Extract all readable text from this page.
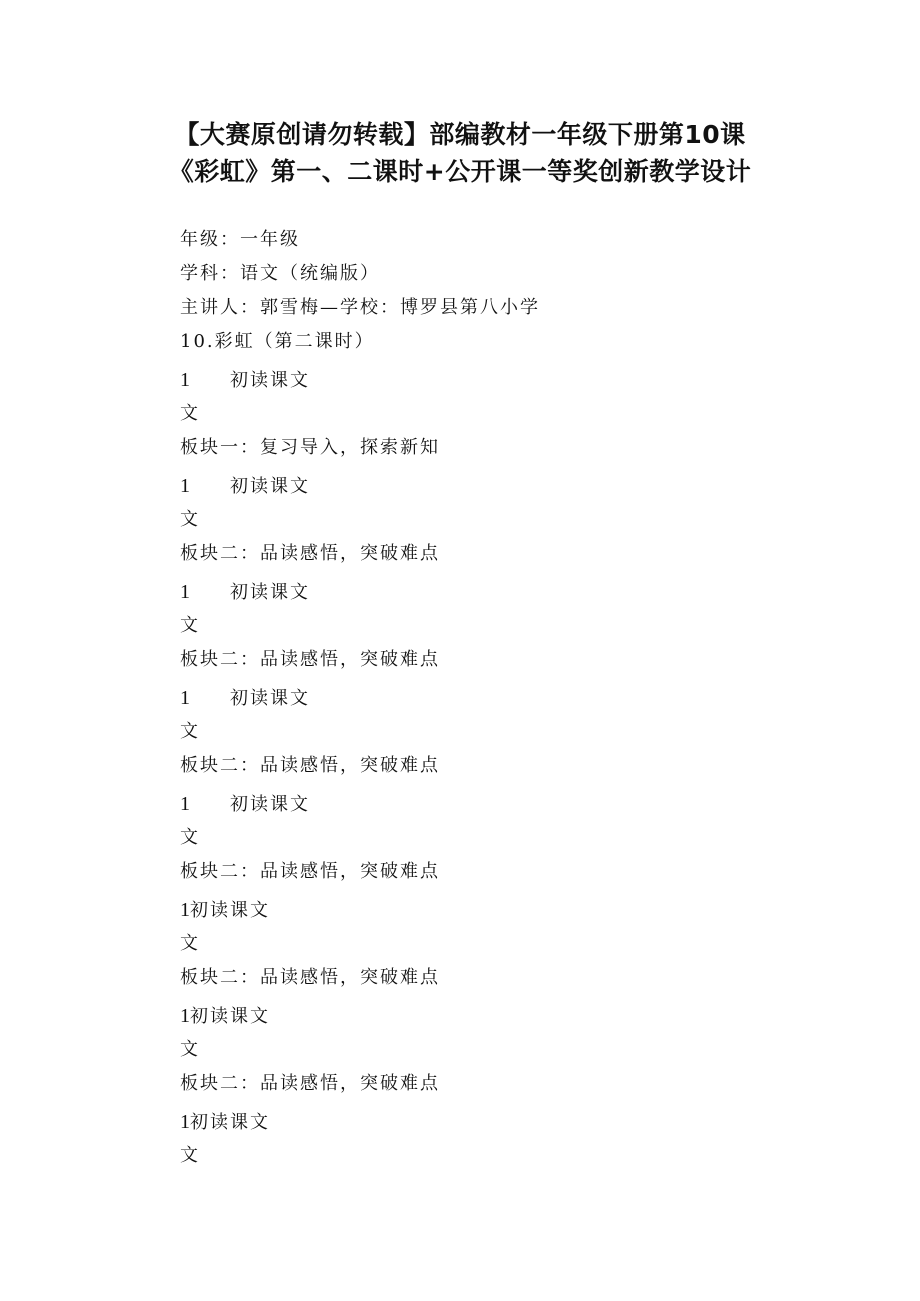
【大赛原创请勿转载】部编教材一年级下册第10课
《彩虹》第一、二课时+公开课一等奖创新教学设计

年级：一年级

学科：语文（统编版）

主讲人：郭雪梅—学校：博罗县第八小学

10.彩虹（第二课时）

1 初读课文

文

板块一：复习导入，探索新知

1 初读课文

文

板块二：品读感悟，突破难点

1 初读课文

文

板块二：品读感悟，突破难点

1 初读课文

文

板块二：品读感悟，突破难点

1 初读课文

文

板块二：品读感悟，突破难点

1初读课文

文

板块二：品读感悟，突破难点

1初读课文

文

板块二：品读感悟，突破难点

1初读课文

文
